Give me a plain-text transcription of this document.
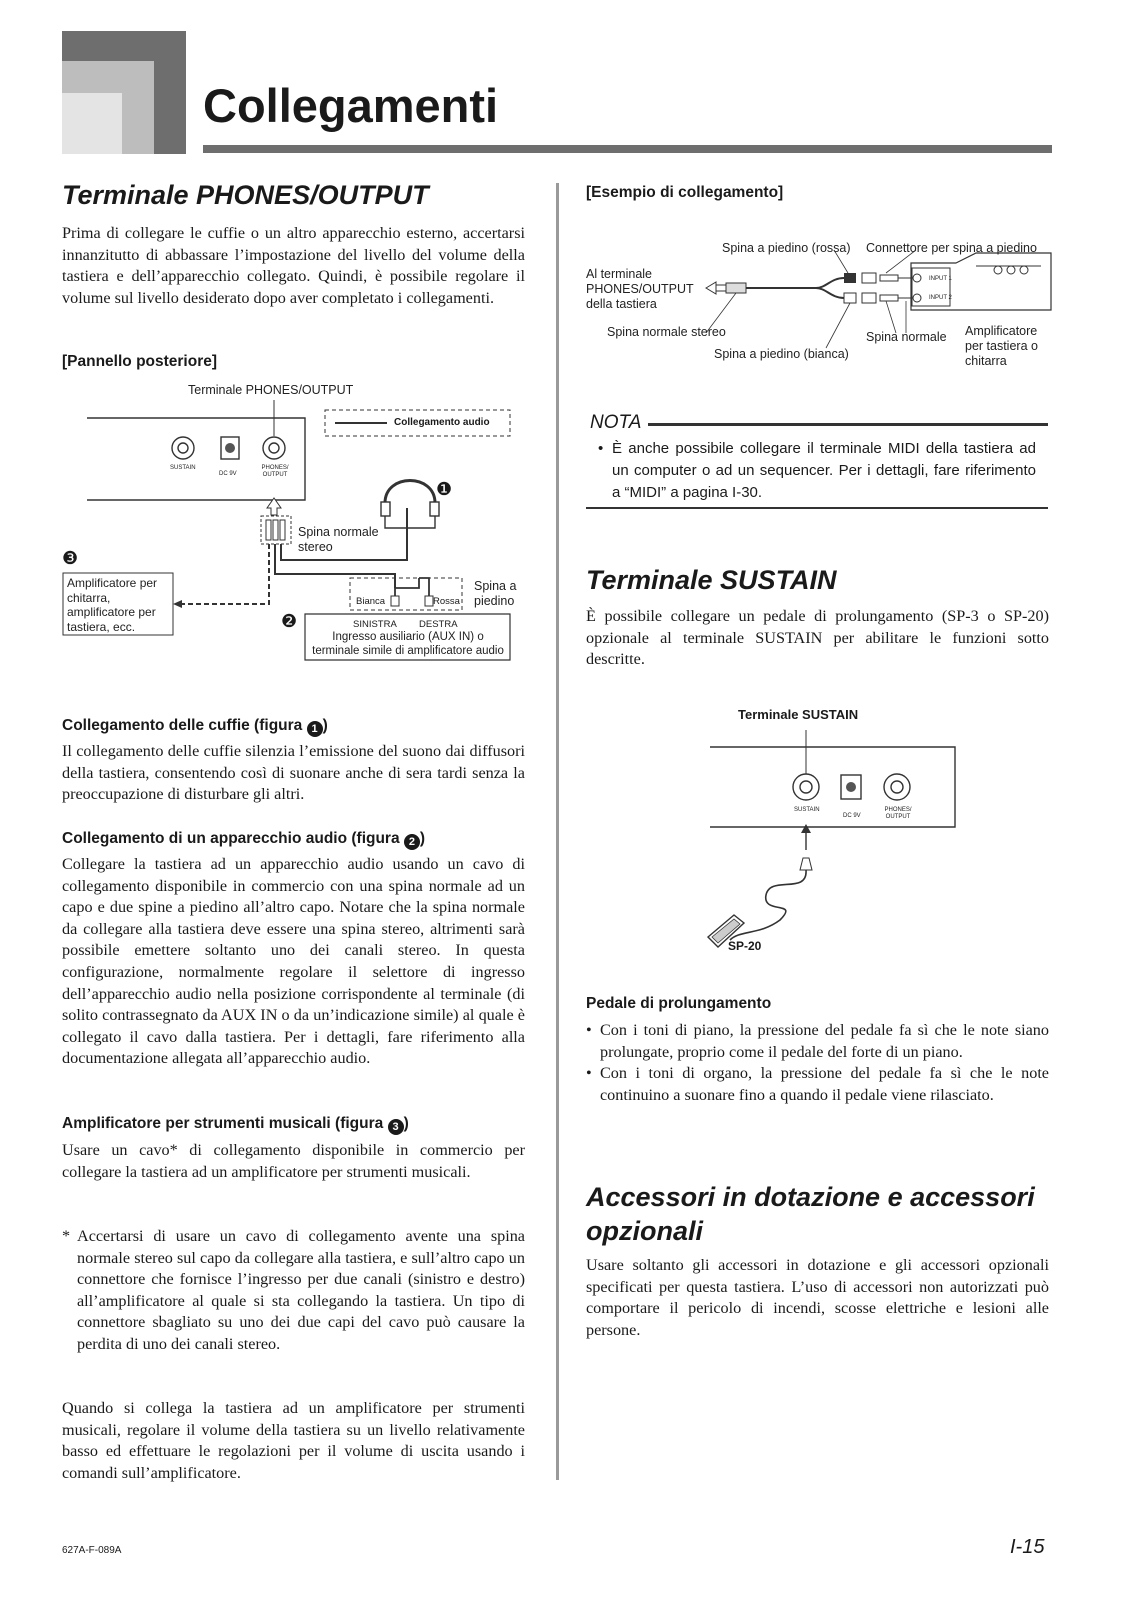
Collegamenti
Terminale PHONES/OUTPUT
Prima di collegare le cuffie o un altro apparecchio esterno, accertarsi innanzitutto di abbassare l’impostazione del livello del volume della tastiera e dell’apparecchio collegato. Quindi, è possibile regolare il volume sul livello desiderato dopo aver completato i collegamenti.
[Pannello posteriore]
Terminale PHONES/OUTPUT
Collegamento audio
❶
❸
❷
SUSTAIN
DC 9V
PHONES/ OUTPUT
Spina normale stereo
Amplificatore per chitarra, amplificatore per tastiera, ecc.
Spina a piedino
Bianca	Rossa
SINISTRA DESTRA
Ingresso ausiliario (AUX IN) o terminale simile di amplificatore audio
Collegamento delle cuffie (figura 1 )
Il collegamento delle cuffie silenzia l’emissione del suono dai diffusori della tastiera, consentendo così di suonare anche di sera tardi senza la preoccupazione di disturbare gli altri.
Collegamento di un apparecchio audio (figura 2 )
Collegare la tastiera ad un apparecchio audio usando un cavo di collegamento disponibile in commercio con una spina normale ad un capo e due spine a piedino all’altro capo. Notare che la spina normale da collegare alla tastiera deve essere una spina stereo, altrimenti sarà possibile emettere soltanto uno dei canali stereo. In questa configurazione, normalmente regolare il selettore di ingresso dell’apparecchio audio nella posizione corrispondente al terminale (di solito contrassegnato da AUX IN o da un’indicazione simile) al quale è collegato il cavo dalla tastiera. Per i dettagli, fare riferimento alla documentazione allegata all’apparecchio audio.
Amplificatore per strumenti musicali (figura 3 )
Usare un cavo* di collegamento disponibile in commercio per collegare la tastiera ad un amplificatore per strumenti musicali.
* Accertarsi di usare un cavo di collegamento avente una spina normale stereo sul capo da collegare alla tastiera, e sull’altro capo un connettore che fornisce l’ingresso per due canali (sinistro e destro) all’amplificatore al quale si sta collegando la tastiera. Un tipo di connettore sbagliato su uno dei due capi del cavo può causare la perdita di uno dei canali stereo.
Quando si collega la tastiera ad un amplificatore per strumenti musicali, regolare il volume della tastiera su un livello relativamente basso ed effettuare le regolazioni per il volume di uscita usando i comandi sull’amplificatore.
[Esempio di collegamento]
Spina a piedino (rossa) Connettore per spina a piedino
Al terminale PHONES/OUTPUT della tastiera
INPUT 1
INPUT 2
Spina normale stereo	Spina normale Amplificatore per tastiera o chitarra
Spina a piedino (bianca)
NOTA
• È anche possibile collegare il terminale MIDI della tastiera ad un computer o ad un sequencer. Per i dettagli, fare riferimento a “MIDI” a pagina I-30.
Terminale SUSTAIN
È possibile collegare un pedale di prolungamento (SP-3 o SP-20) opzionale al terminale SUSTAIN per abilitare le funzioni sotto descritte.
Terminale SUSTAIN
SUSTAIN
DC 9V
PHONES/ OUTPUT
SP-20
Pedale di prolungamento
• Con i toni di piano, la pressione del pedale fa sì che le note siano prolungate, proprio come il pedale del forte di un piano.
• Con i toni di organo, la pressione del pedale fa sì che le note continuino a suonare fino a quando il pedale viene rilasciato.
Accessori in dotazione e accessori opzionali
Usare soltanto gli accessori in dotazione e gli accessori opzionali specificati per questa tastiera. L’uso di accessori non autorizzati può comportare il pericolo di incendi, scosse elettriche e lesioni alle persone.
627A-F-089A	I-15
